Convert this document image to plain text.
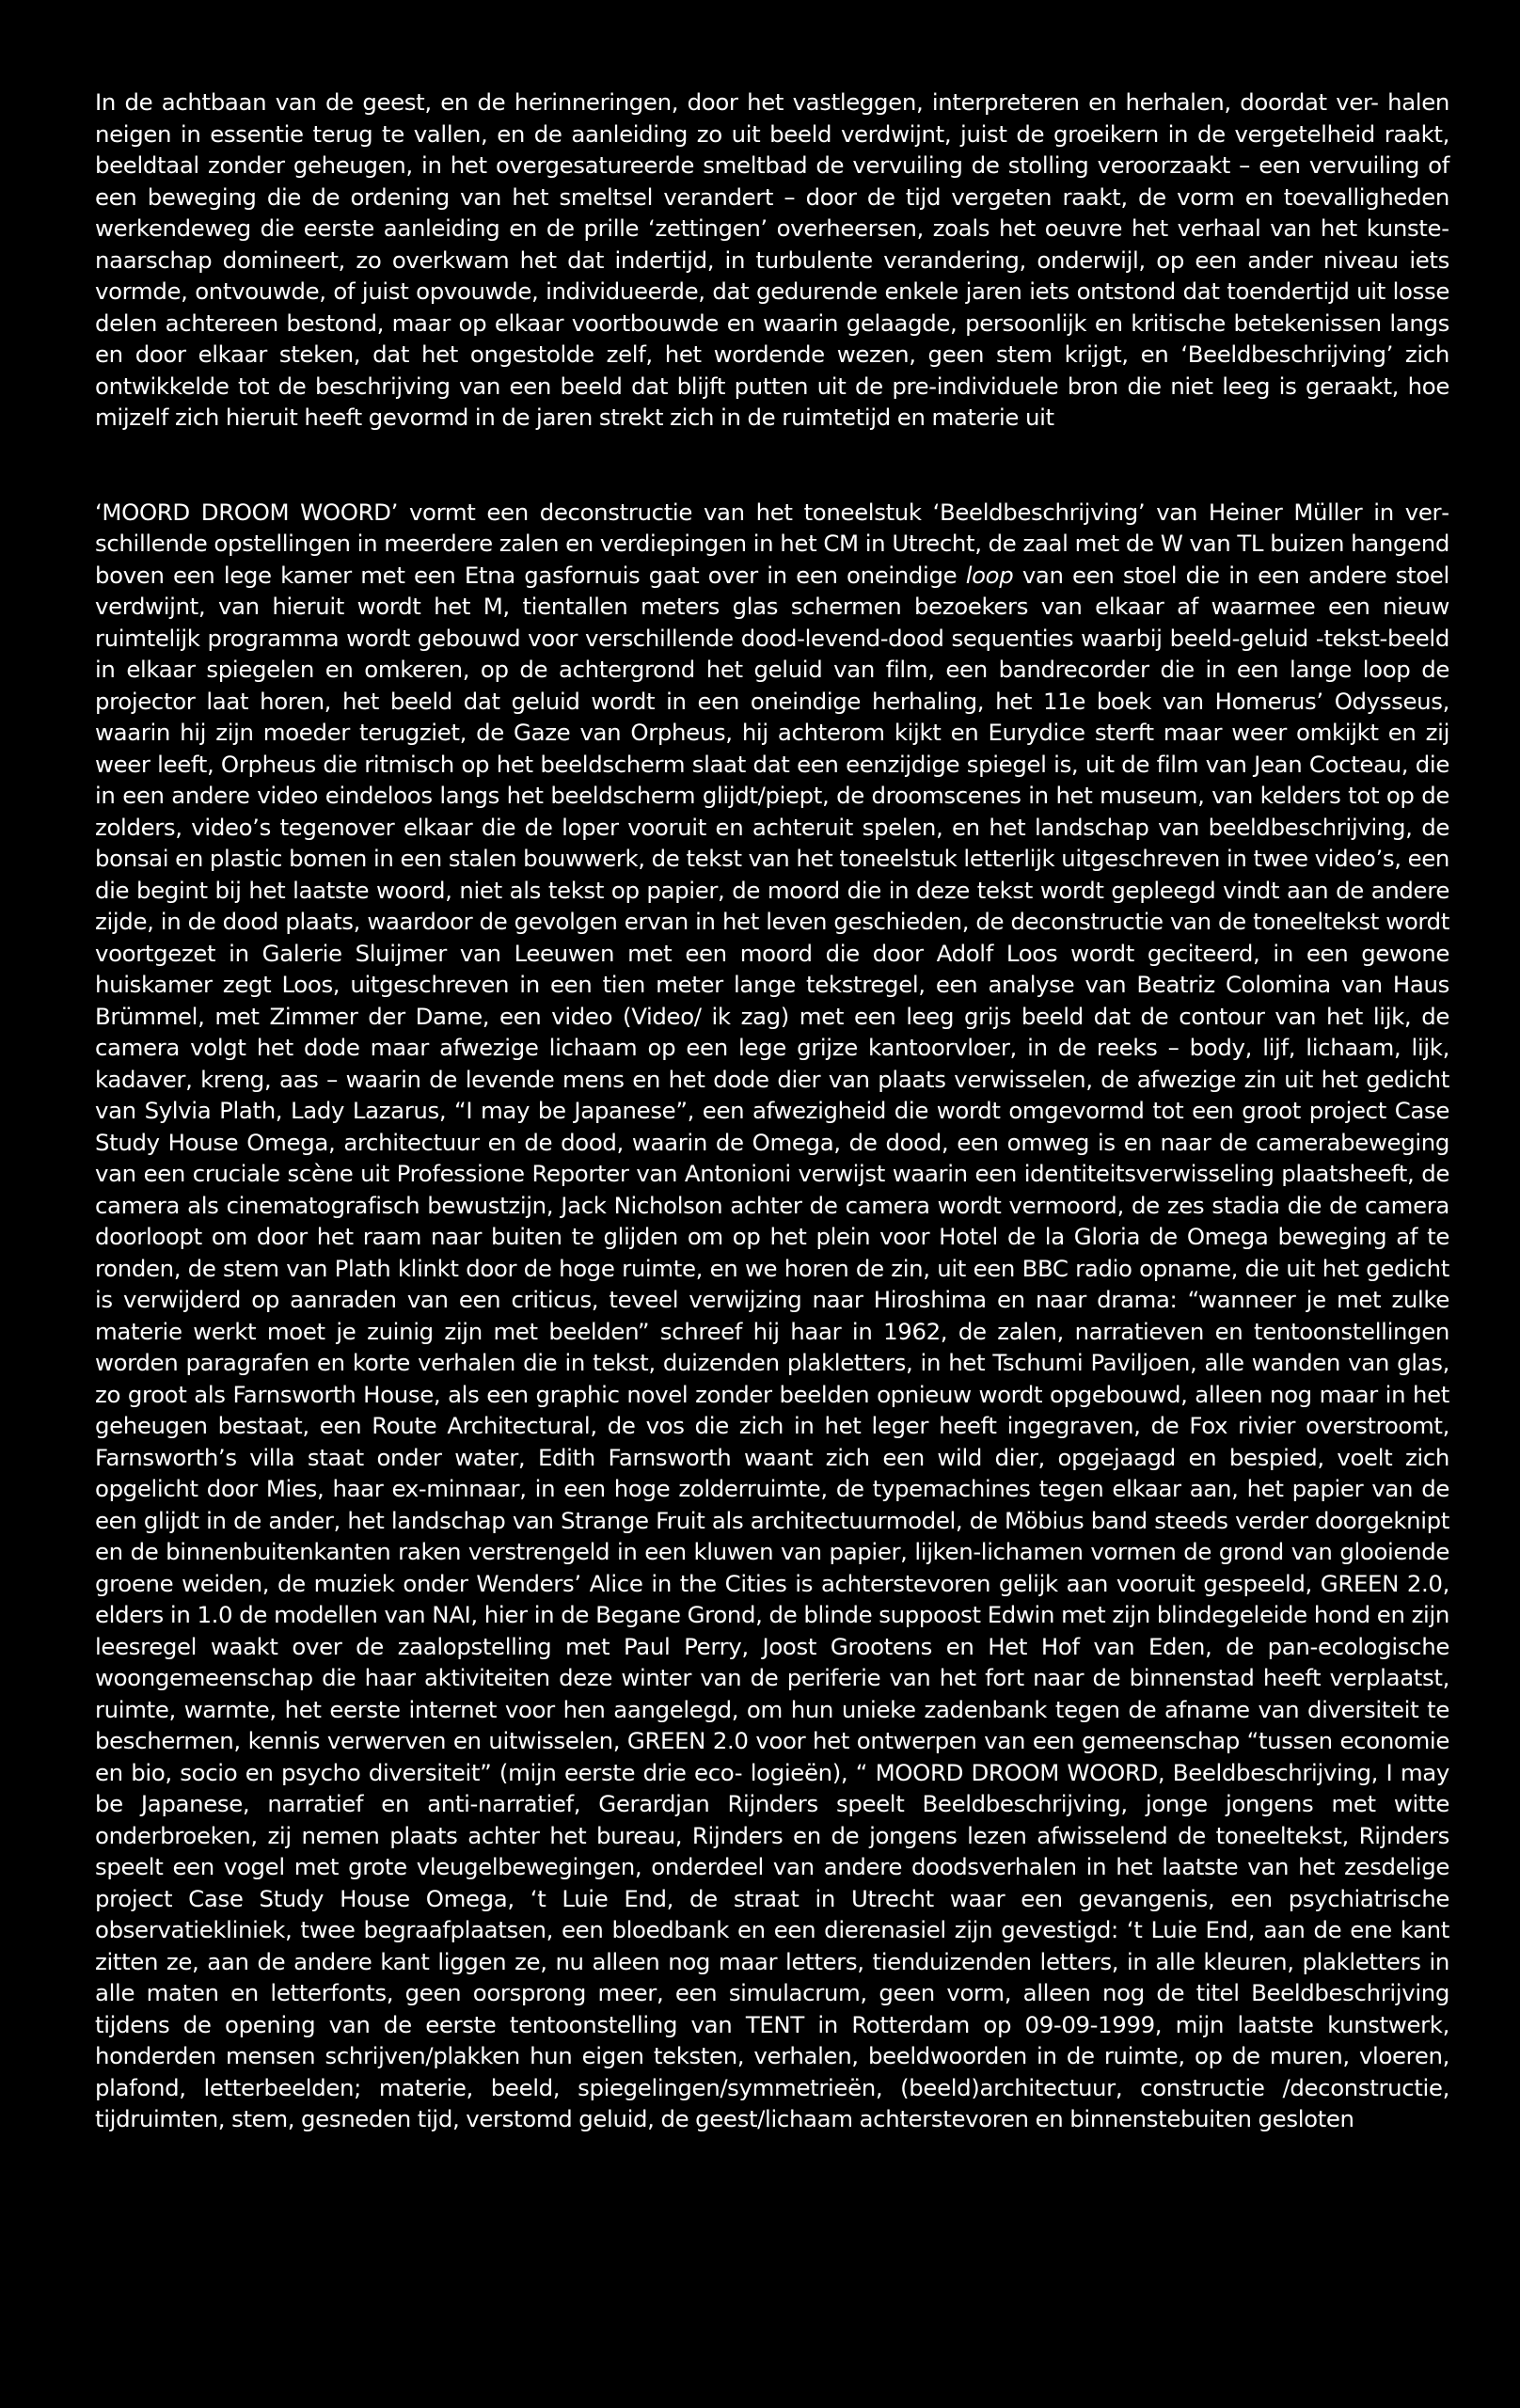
In de achtbaan van de geest, en de herinneringen, door het vastleggen, interpreteren en herhalen, doordat ver- halen neigen in essentie terug te vallen, en de aanleiding zo uit beeld verdwijnt, juist de groeikern in de vergetelheid raakt, beeldtaal zonder geheugen, in het overgesatureerde smeltbad de vervuiling de stolling veroorzaakt – een vervuiling of een beweging die de ordening van het smeltsel verandert – door de tijd vergeten raakt, de vorm en toevalligheden werkendeweg die eerste aanleiding en de prille ‘zettingen’ overheersen, zoals het oeuvre het verhaal van het kunstenaarschap domineert, zo overkwam het dat indertijd, in turbulente verandering, onderwijl, op een ander niveau iets vormde, ontvouwde, of juist opvouwde, individueerde, dat gedurende enkele jaren iets ontstond dat toendertijd uit losse delen achtereen bestond, maar op elkaar voortbouwde en waarin gelaagde, persoonlijk en kritische betekenissen langs en door elkaar steken, dat het ongestolde zelf, het wordende wezen, geen stem krijgt, en ‘Beeldbeschrijving’ zich ontwikkelde tot de beschrijving van een beeld dat blijft putten uit de pre-individuele bron die niet leeg is geraakt, hoe mijzelf zich hieruit heeft gevormd in de jaren strekt zich in de ruimtetijd en materie uit

‘MOORD DROOM WOORD’ vormt een deconstructie van het toneelstuk ‘Beeldbeschrijving’ van Heiner Müller in verschillende opstellingen in meerdere zalen en verdiepingen in het CM in Utrecht, de zaal met de W van TL buizen hangend boven een lege kamer met een Etna gasfornuis gaat over in een oneindige loop van een stoel die in een andere stoel verdwijnt, van hieruit wordt het M, tientallen meters glas schermen bezoekers van elkaar af waarmee een nieuw ruimtelijk programma wordt gebouwd voor verschillende dood-levend-dood sequenties waarbij beeld-geluid -tekst-beeld in elkaar spiegelen en omkeren, op de achtergrond het geluid van film, een bandrecorder die in een lange loop de projector laat horen, het beeld dat geluid wordt in een oneindige herhaling, het 11e boek van Homerus’ Odysseus, waarin hij zijn moeder terugziet, de Gaze van Orpheus, hij achterom kijkt en Eurydice sterft maar weer omkijkt en zij weer leeft, Orpheus die ritmisch op het beeldscherm slaat dat een eenzijdige spiegel is, uit de film van Jean Cocteau, die in een andere video eindeloos langs het beeldscherm glijdt/piept, de droomscenes in het museum, van kelders tot op de zolders, video’s tegenover elkaar die de loper vooruit en achteruit spelen, en het landschap van beeldbeschrijving, de bonsai en plastic bomen in een stalen bouwwerk, de tekst van het toneelstuk letterlijk uitgeschreven in twee video’s, een die begint bij het laatste woord, niet als tekst op papier, de moord die in deze tekst wordt gepleegd vindt aan de andere zijde, in de dood plaats, waardoor de gevolgen ervan in het leven geschieden, de deconstructie van de toneeltekst wordt voortgezet in Galerie Sluijmer van Leeuwen met een moord die door Adolf Loos wordt geciteerd, in een gewone huiskamer zegt Loos, uitgeschreven in een tien meter lange tekstregel, een analyse van Beatriz Colomina van Haus Brümmel, met Zimmer der Dame, een video (Video/ ik zag) met een leeg grijs beeld dat de contour van het lijk, de camera volgt het dode maar afwezige lichaam op een lege grijze kantoorvloer, in de reeks – body, lijf, lichaam, lijk, kadaver, kreng, aas – waarin de levende mens en het dode dier van plaats verwisselen, de afwezige zin uit het gedicht van Sylvia Plath, Lady Lazarus, “I may be Japanese”, een afwezigheid die wordt omgevormd tot een groot project Case Study House Omega, architectuur en de dood, waarin de Omega, de dood, een omweg is en naar de camerabeweging van een cruciale scène uit Professione Reporter van Antonioni verwijst waarin een identiteitsverwisseling plaatsheeft, de camera als cinematografisch bewustzijn, Jack Nicholson achter de camera wordt vermoord, de zes stadia die de camera doorloopt om door het raam naar buiten te glijden om op het plein voor Hotel de la Gloria de Omega beweging af te ronden, de stem van Plath klinkt door de hoge ruimte, en we horen de zin, uit een BBC radio opname, die uit het gedicht is verwijderd op aanraden van een criticus, teveel verwijzing naar Hiroshima en naar drama: “wanneer je met zulke materie werkt moet je zuinig zijn met beelden” schreef hij haar in 1962, de zalen, narratieven en tentoonstellingen worden paragrafen en korte verhalen die in tekst, duizenden plakletters, in het Tschumi Paviljoen, alle wanden van glas, zo groot als Farnsworth House, als een graphic novel zonder beelden opnieuw wordt opgebouwd, alleen nog maar in het geheugen bestaat, een Route Architectural, de vos die zich in het leger heeft ingegraven, de Fox rivier overstroomt, Farnsworth’s villa staat onder water, Edith Farnsworth waant zich een wild dier, opgejaagd en bespied, voelt zich opgelicht door Mies, haar ex-minnaar, in een hoge zolderruimte, de typemachines tegen elkaar aan, het papier van de een glijdt in de ander, het landschap van Strange Fruit als architectuurmodel, de Möbius band steeds verder doorgeknipt en de binnenbuitenkanten raken verstrengeld in een kluwen van papier, lijken-lichamen vormen de grond van glooiende groene weiden, de muziek onder Wenders’ Alice in the Cities is achterstevoren gelijk aan vooruit gespeeld, GREEN 2.0, elders in 1.0 de modellen van NAI, hier in de Begane Grond, de blinde suppoost Edwin met zijn blindegeleide hond en zijn leesregel waakt over de zaalopstelling met Paul Perry, Joost Grootens en Het Hof van Eden, de pan-ecologische woongemeenschap die haar aktiviteiten deze winter van de periferie van het fort naar de binnenstad heeft verplaatst, ruimte, warmte, het eerste internet voor hen aangelegd, om hun unieke zadenbank tegen de afname van diversiteit te beschermen, kennis verwerven en uitwisselen, GREEN 2.0 voor het ontwerpen van een gemeenschap “tussen economie en bio, socio en psycho diversiteit” (mijn eerste drie eco- logieën), “ MOORD DROOM WOORD, Beeldbeschrijving, I may be Japanese, narratief en anti-narratief, Gerardjan Rijnders speelt Beeldbeschrijving, jonge jongens met witte onderbroeken, zij nemen plaats achter het bureau, Rijnders en de jongens lezen afwisselend de toneeltekst, Rijnders speelt een vogel met grote vleugelbewegingen, onderdeel van andere doodsverhalen in het laatste van het zesdelige project Case Study House Omega, ‘t Luie End, de straat in Utrecht waar een gevangenis, een psychiatrische observatiekliniek, twee begraafplaatsen, een bloedbank en een dierenasiel zijn gevestigd: ‘t Luie End, aan de ene kant zitten ze, aan de andere kant liggen ze, nu alleen nog maar letters, tienduizenden letters, in alle kleuren, plakletters in alle maten en letterfonts, geen oorsprong meer, een simulacrum, geen vorm, alleen nog de titel Beeldbeschrijving tijdens de opening van de eerste tentoonstelling van TENT in Rotterdam op 09-09-1999, mijn laatste kunstwerk, honderden mensen schrijven/plakken hun eigen teksten, verhalen, beeldwoorden in de ruimte, op de muren, vloeren, plafond, letterbeelden; materie, beeld, spiegelingen/symmetrieën, (beeld)architectuur, constructie /deconstructie, tijdruimten, stem, gesneden tijd, verstomd geluid, de geest/lichaam achterstevoren en binnenstebuiten gesloten
